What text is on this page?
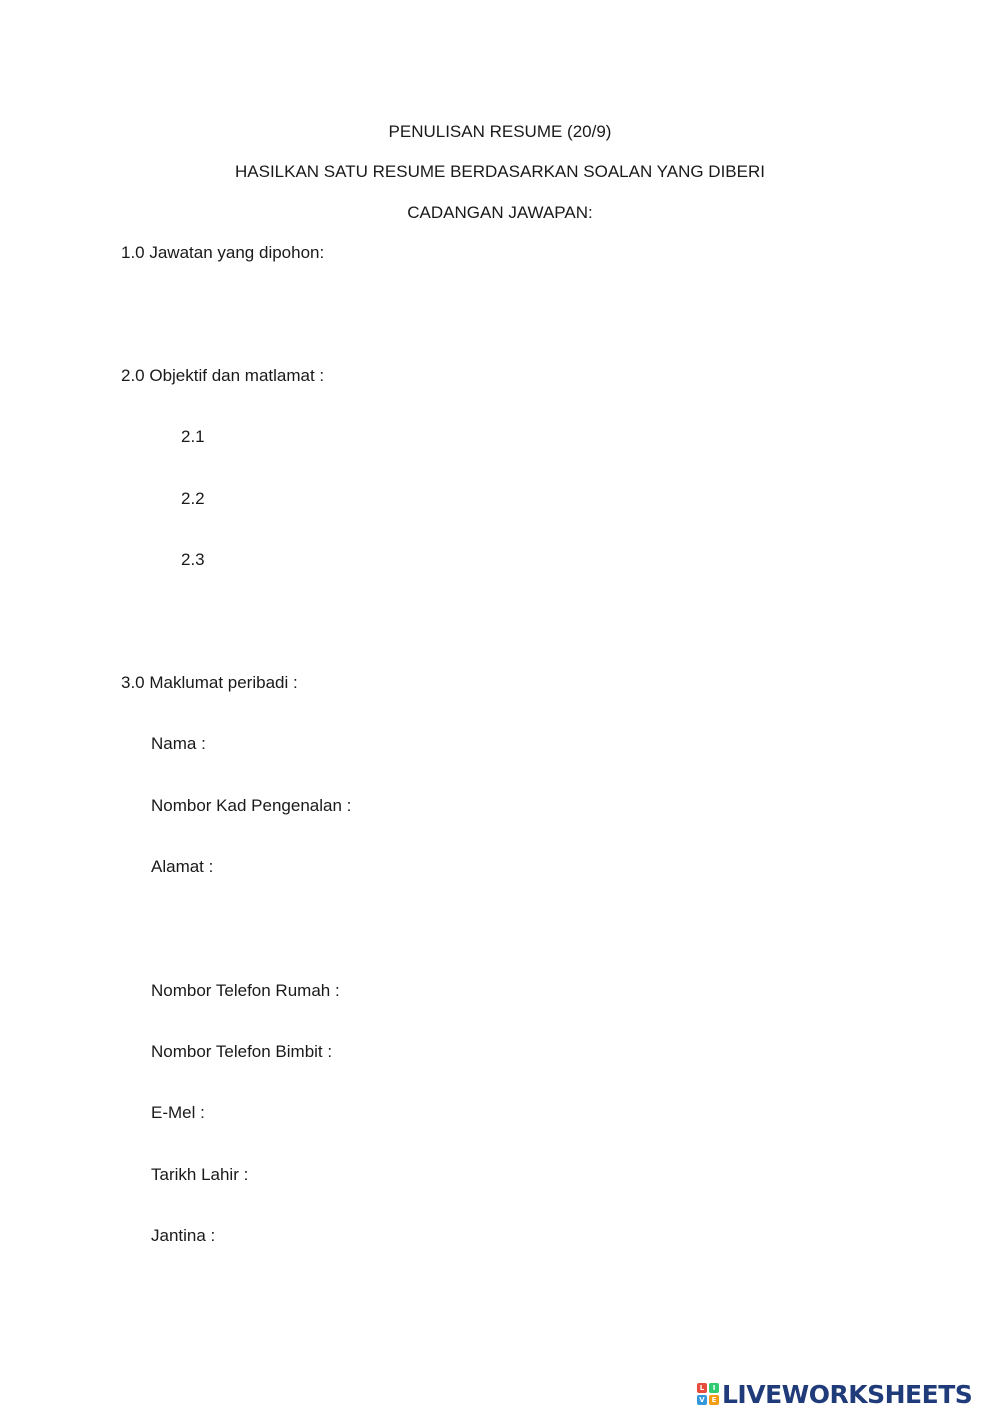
PENULISAN RESUME (20/9)
HASILKAN SATU RESUME BERDASARKAN SOALAN YANG DIBERI
CADANGAN JAWAPAN:
1.0 Jawatan yang dipohon:
2.0 Objektif dan matlamat :
2.1
2.2
2.3
3.0 Maklumat peribadi :
Nama :
Nombor Kad Pengenalan :
Alamat :
Nombor Telefon Rumah :
Nombor Telefon Bimbit :
E-Mel :
Tarikh Lahir :
Jantina :
L	I
V E LIVEWORKSHEETS
